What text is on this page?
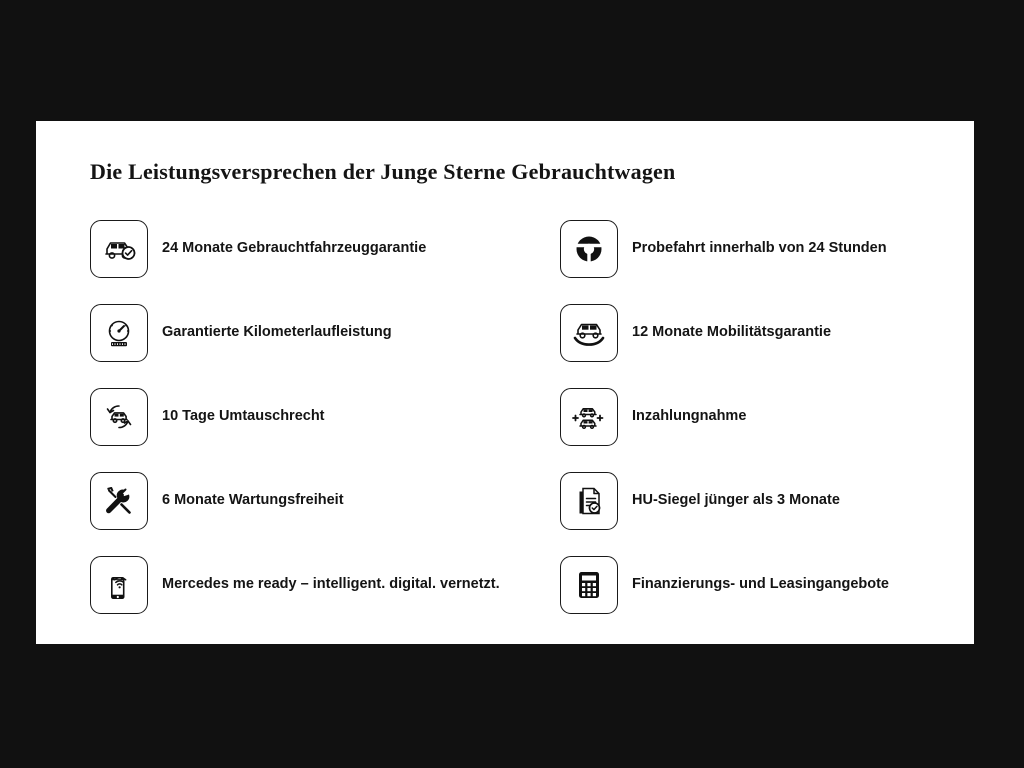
Die Leistungsversprechen der Junge Sterne Gebrauchtwagen
24 Monate Gebrauchtfahrzeuggarantie	Probefahrt innerhalb von 24 Stunden
Garantierte Kilometerlaufleistung	12 Monate Mobilitätsgarantie
10 Tage Umtauschrecht	Inzahlungnahme
6 Monate Wartungsfreiheit	HU-Siegel jünger als 3 Monate
Mercedes me ready – intelligent. digital. vernetzt.	Finanzierungs- und Leasingangebote
